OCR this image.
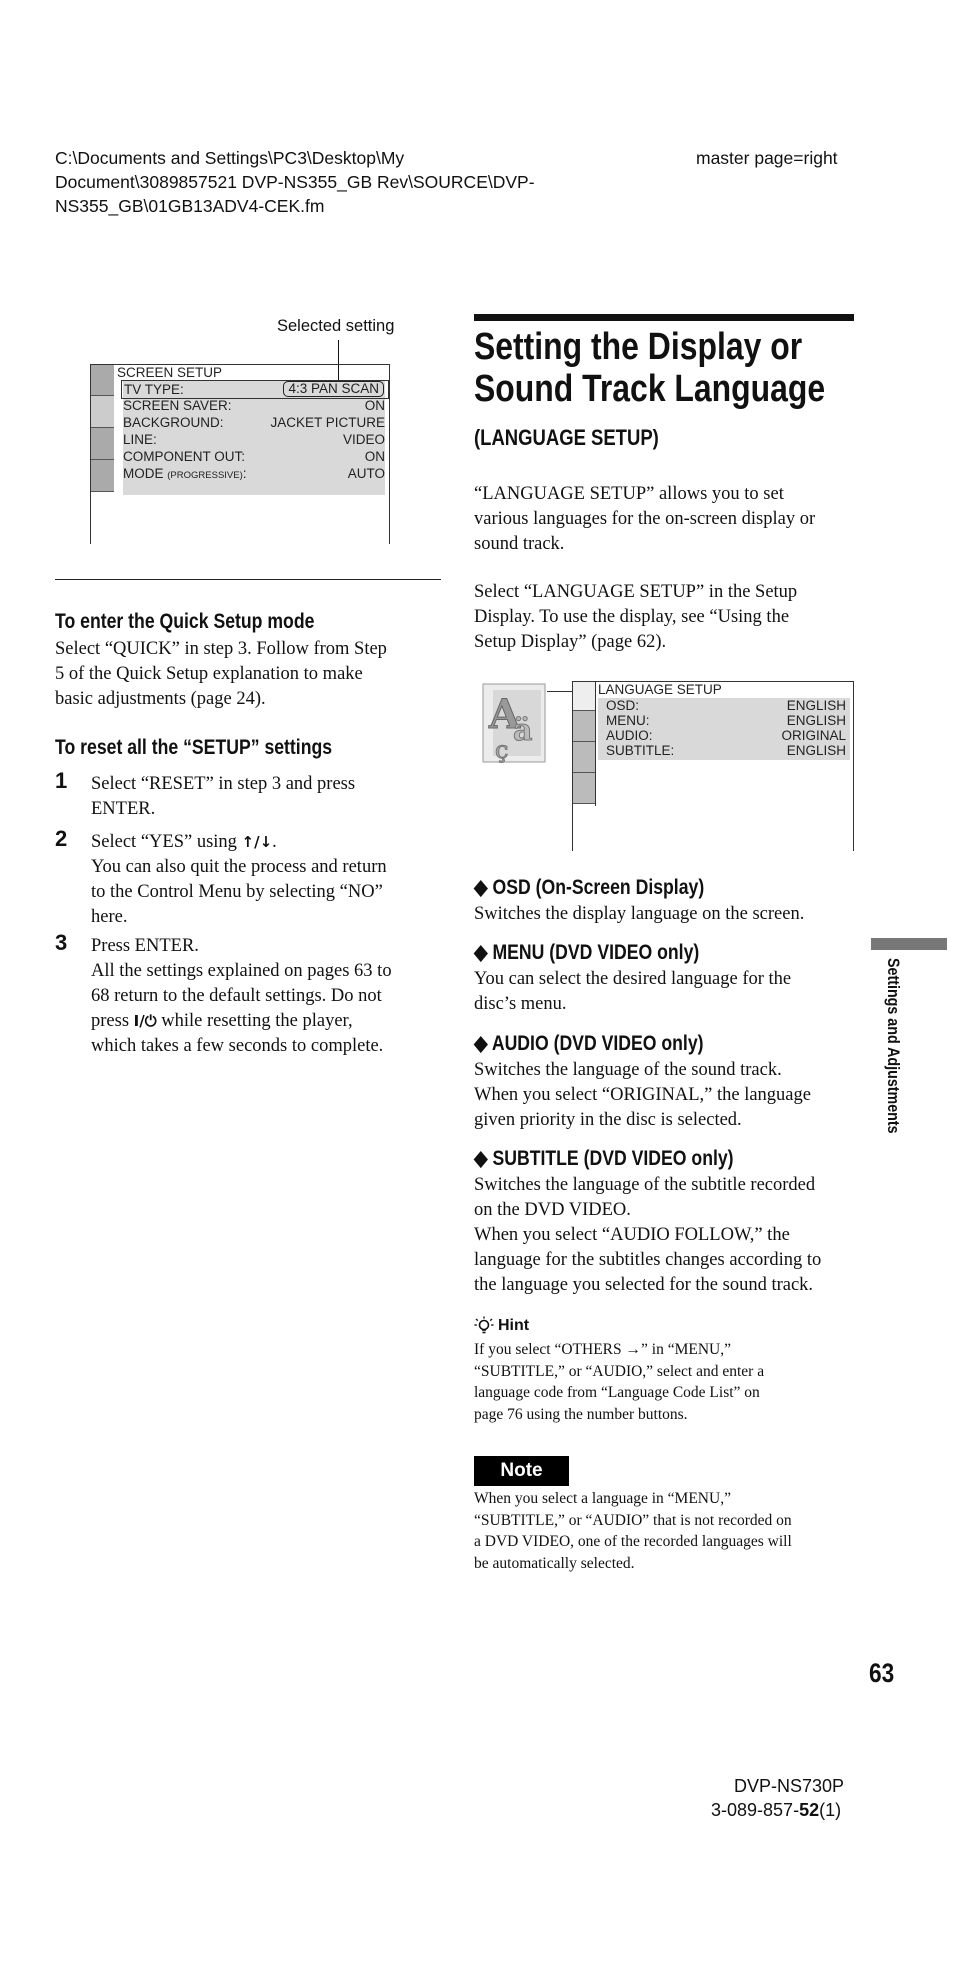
C:\Documents and Settings\PC3\Desktop\My
Document\3089857521 DVP-NS355_GB Rev\SOURCE\DVP-
NS355_GB\01GB13ADV4-CEK.fm
master page=right
Selected setting
SCREEN SETUP
TV TYPE:	4:3 PAN SCAN
SCREEN SAVER:	ON
BACKGROUND:	JACKET PICTURE
LINE:	VIDEO
COMPONENT OUT:	ON
MODE (PROGRESSIVE):	AUTO
To enter the Quick Setup mode
Select “QUICK” in step 3. Follow from Step
5 of the Quick Setup explanation to make
basic adjustments (page 24).
To reset all the “SETUP” settings
1 Select “RESET” in step 3 and press
ENTER.
2 Select “YES” using ↑/↓.
You can also quit the process and return
to the Control Menu by selecting “NO”
here.
3 Press ENTER.
All the settings explained on pages 63 to
68 return to the default settings. Do not
press I/⏻ while resetting the player,
which takes a few seconds to complete.
Setting the Display or
Sound Track Language
(LANGUAGE SETUP)
“LANGUAGE SETUP” allows you to set
various languages for the on-screen display or
sound track.
Select “LANGUAGE SETUP” in the Setup
Display. To use the display, see “Using the
Setup Display” (page 62).
A
ä
ç
LANGUAGE SETUP
OSD:	ENGLISH
MENU:	ENGLISH
AUDIO:	ORIGINAL
SUBTITLE:	ENGLISH
◆ OSD (On-Screen Display)
Switches the display language on the screen.
◆ MENU (DVD VIDEO only)
You can select the desired language for the
disc’s menu.
◆ AUDIO (DVD VIDEO only)
Switches the language of the sound track.
When you select “ORIGINAL,” the language
given priority in the disc is selected.
◆ SUBTITLE (DVD VIDEO only)
Switches the language of the subtitle recorded
on the DVD VIDEO.
When you select “AUDIO FOLLOW,” the
language for the subtitles changes according to
the language you selected for the sound track.
Hint
If you select “OTHERS →” in “MENU,”
“SUBTITLE,” or “AUDIO,” select and enter a
language code from “Language Code List” on
page 76 using the number buttons.
Note
When you select a language in “MENU,”
“SUBTITLE,” or “AUDIO” that is not recorded on
a DVD VIDEO, one of the recorded languages will
be automatically selected.
Settings and Adjustments
63
DVP-NS730P
3-089-857-52(1)
